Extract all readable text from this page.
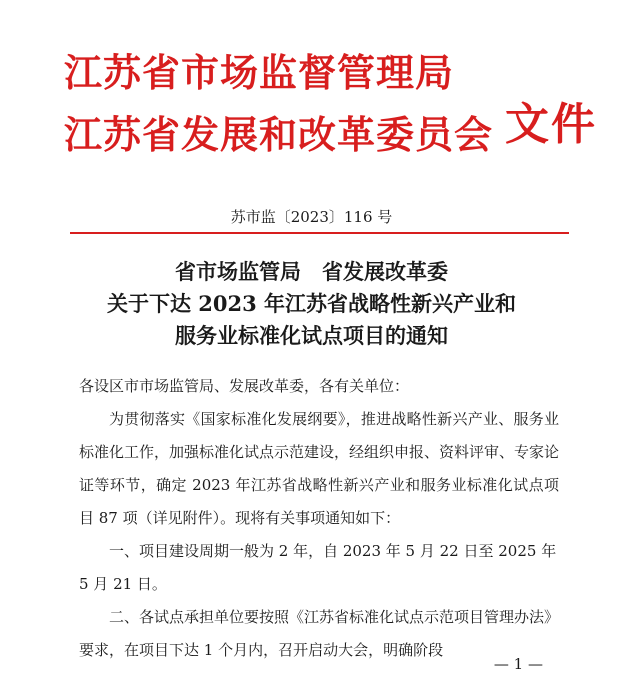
江苏省市场监督管理局
江苏省发展和改革委员会 文件
苏市监〔2023〕116 号
省市场监管局　省发展改革委
关于下达 2023 年江苏省战略性新兴产业和
服务业标准化试点项目的通知
各设区市市场监管局、发展改革委，各有关单位：
为贯彻落实《国家标准化发展纲要》，推进战略性新兴产业、服务业标准化工作，加强标准化试点示范建设，经组织申报、资料评审、专家论证等环节，确定 2023 年江苏省战略性新兴产业和服务业标准化试点项目 87 项（详见附件）。现将有关事项通知如下：
一、项目建设周期一般为 2 年，自 2023 年 5 月 22 日至 2025 年 5 月 21 日。
二、各试点承担单位要按照《江苏省标准化试点示范项目管理办法》要求，在项目下达 1 个月内，召开启动大会，明确阶段
— 1 —
